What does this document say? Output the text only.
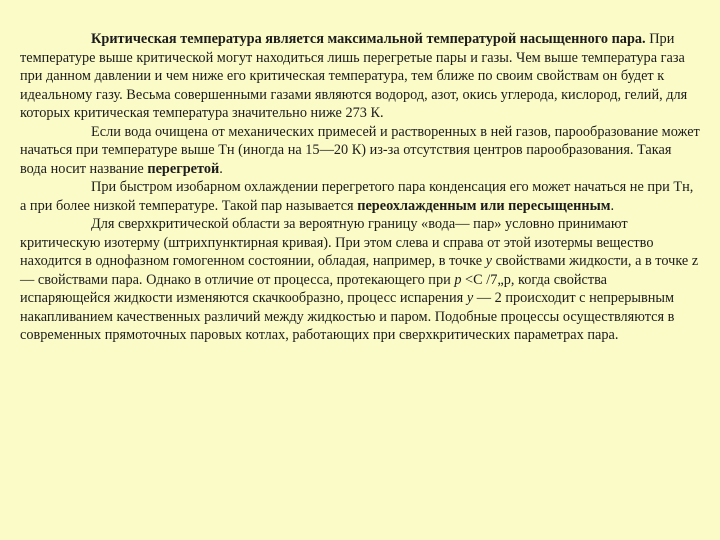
Критическая температура является максимальной температурой насыщенного пара. При температуре выше критической могут находиться лишь перегретые пары и газы. Чем выше температура газа при данном давлении и чем ниже его критическая температура, тем ближе по своим свойствам он будет к идеальному газу. Весьма совершенными газами являются водород, азот, окись углерода, кислород, гелий, для которых критическая температура значительно ниже 273 К.

Если вода очищена от механических примесей и растворенных в ней газов, парообразование может начаться при температуре выше Тн (иногда на 15—20 К) из-за отсутствия центров парообразования. Такая вода носит название перегретой.

При быстром изобарном охлаждении перегретого пара конденсация его может начаться не при Тн, а при более низкой температуре. Такой пар называется переохлажденным или пересыщенным.

Для сверхкритической области за вероятную границу «вода— пар» условно принимают критическую изотерму (штрихпунктирная кривая). При этом слева и справа от этой изотермы вещество находится в однофазном гомогенном состоянии, обладая, например, в точке у свойствами жидкости, а в точке z — свойствами пара. Однако в отличие от процесса, протекающего при р <С /7„р, когда свойства испаряющейся жидкости изменяются скачкообразно, процесс испарения у — 2 происходит с непрерывным накапливанием качественных различий между жидкостью и паром. Подобные процессы осуществляются в современных прямоточных паровых котлах, работающих при сверхкритических параметрах пара.
